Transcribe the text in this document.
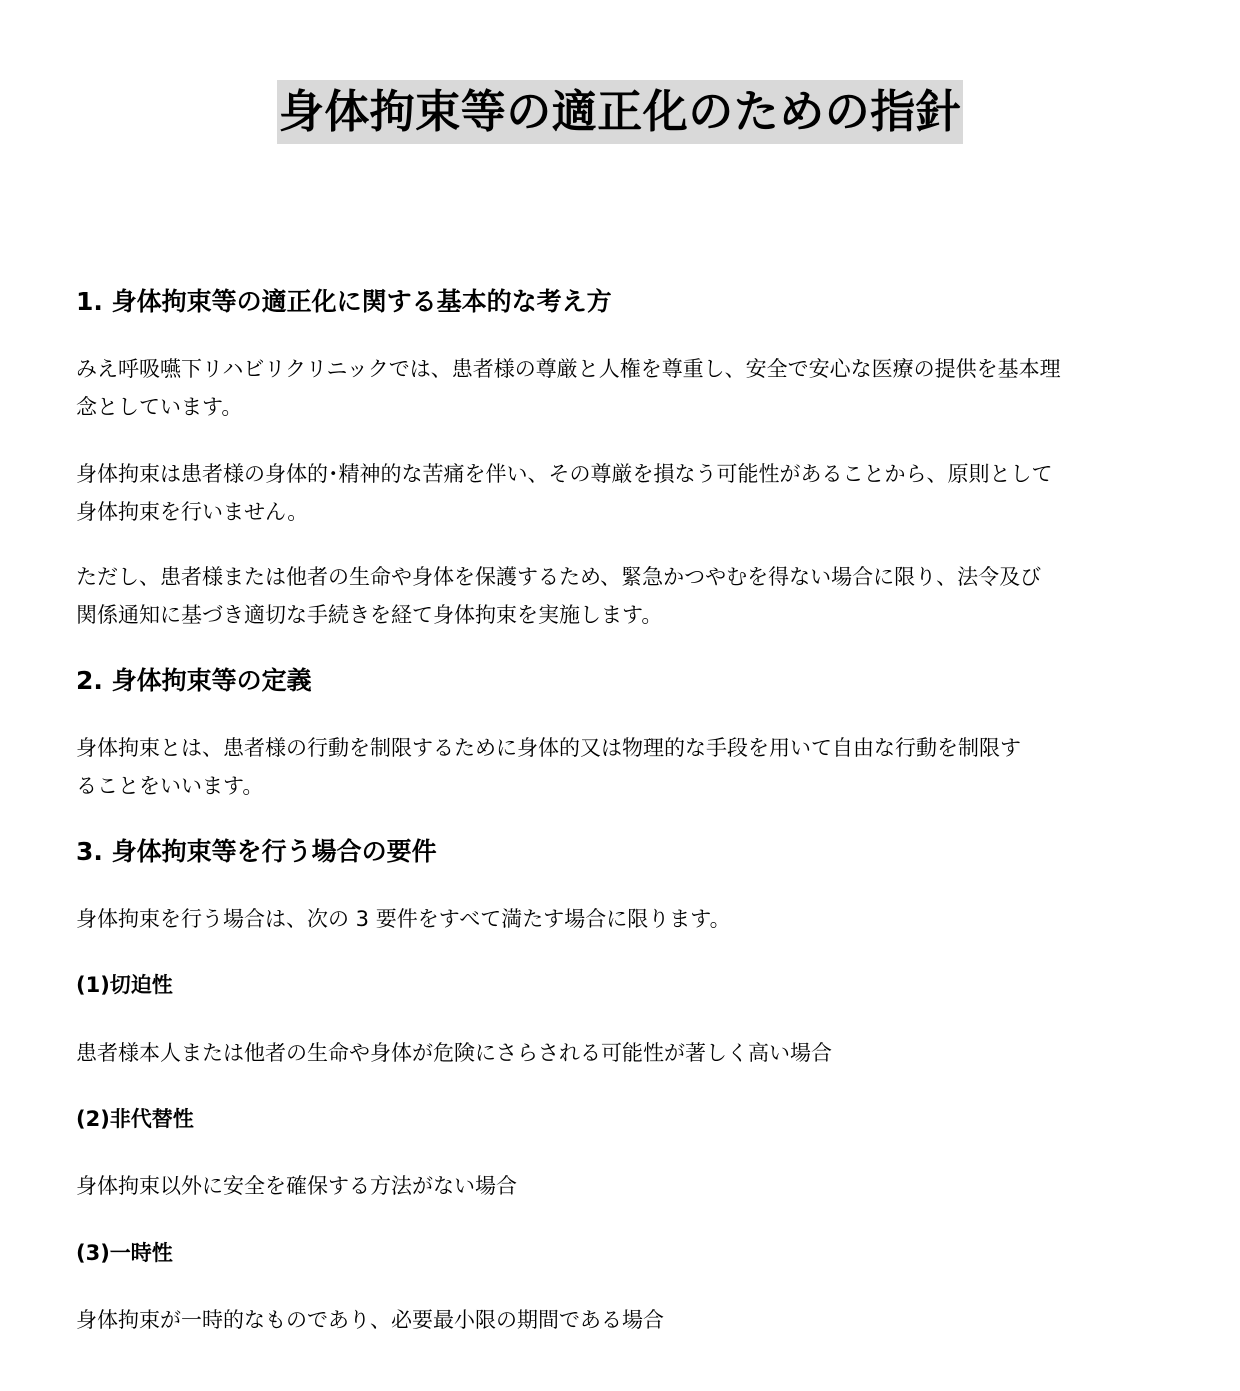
身体拘束等の適正化のための指針
1. 身体拘束等の適正化に関する基本的な考え方

みえ呼吸嚥下リハビリクリニックでは、患者様の尊厳と人権を尊重し、安全で安心な医療の提供を基本理
念としています。

身体拘束は患者様の身体的･精神的な苦痛を伴い、その尊厳を損なう可能性があることから、原則として
身体拘束を行いません。

ただし、患者様または他者の生命や身体を保護するため、緊急かつやむを得ない場合に限り、法令及び
関係通知に基づき適切な手続きを経て身体拘束を実施します。

2. 身体拘束等の定義

身体拘束とは、患者様の行動を制限するために身体的又は物理的な手段を用いて自由な行動を制限す
ることをいいます。

3. 身体拘束等を行う場合の要件

身体拘束を行う場合は、次の 3 要件をすべて満たす場合に限ります。

(1)切迫性

患者様本人または他者の生命や身体が危険にさらされる可能性が著しく高い場合

(2)非代替性

身体拘束以外に安全を確保する方法がない場合

(3)一時性

身体拘束が一時的なものであり、必要最小限の期間である場合
